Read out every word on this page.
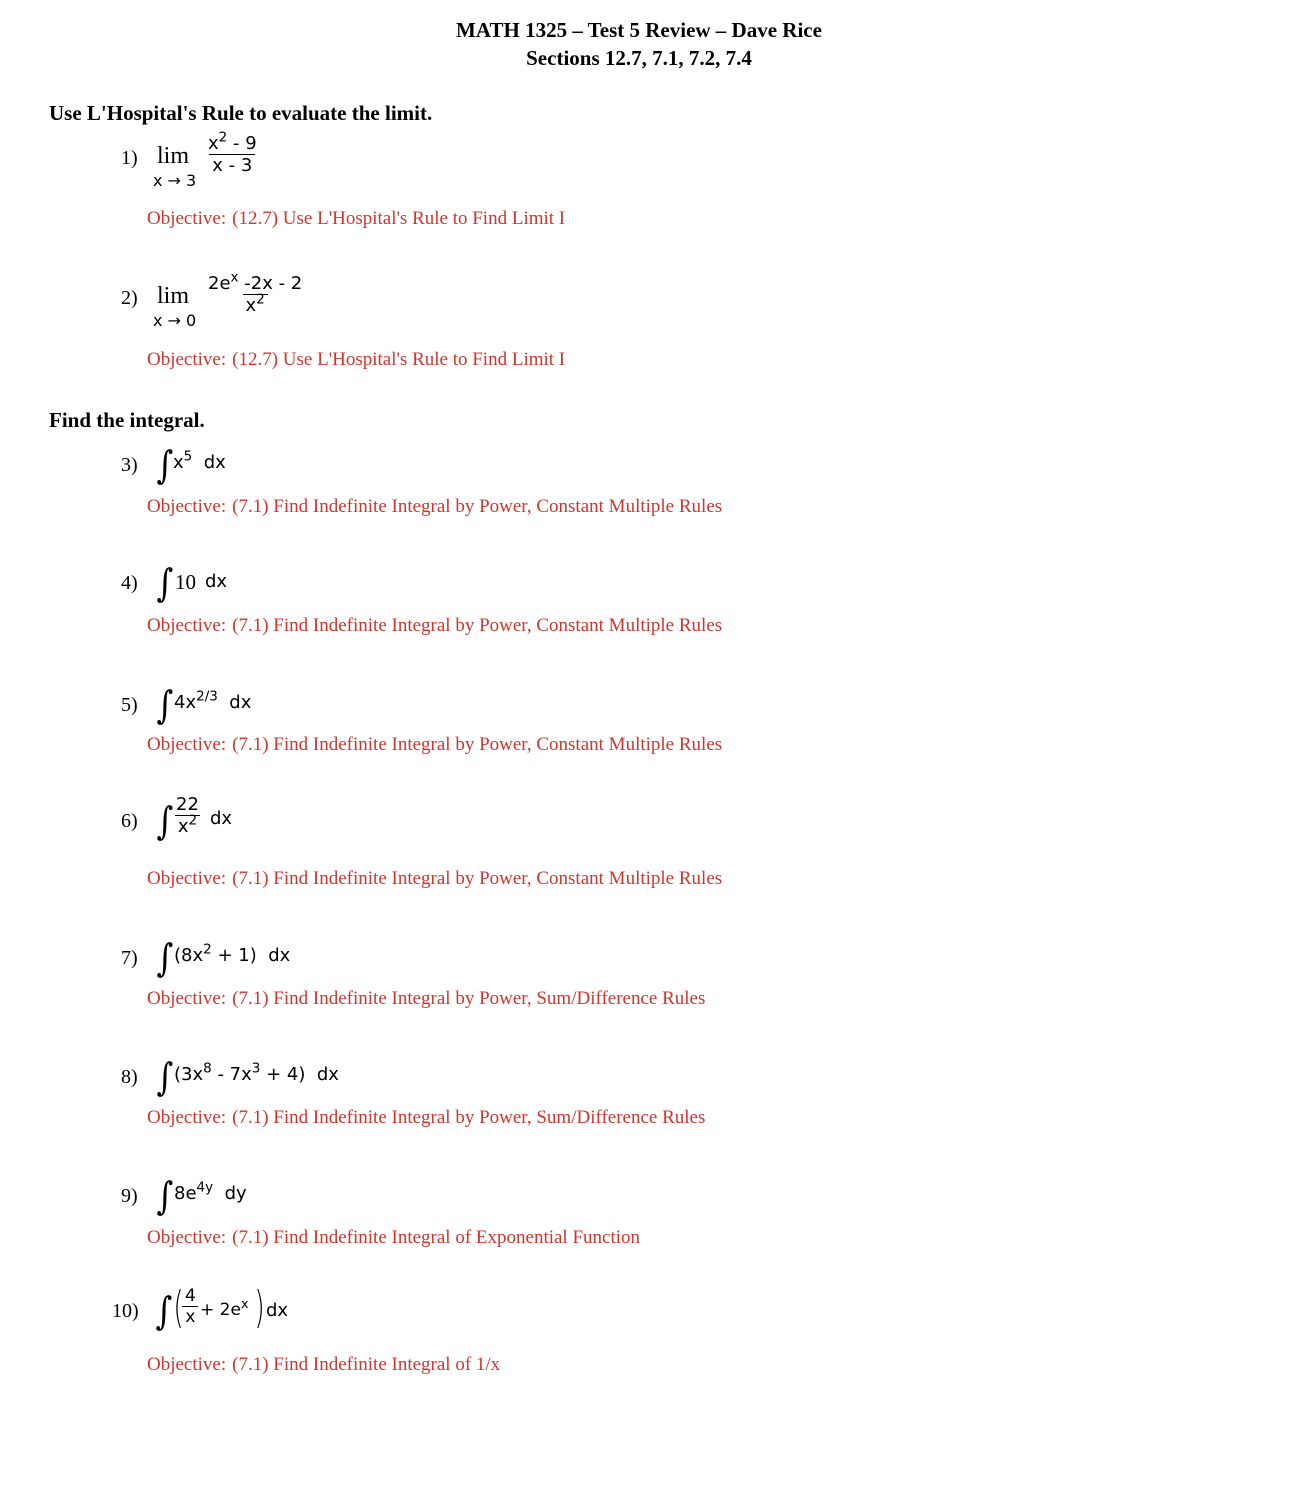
MATH 1325 – Test 5 Review – Dave Rice
Sections 12.7, 7.1, 7.2, 7.4
Use L'Hospital's Rule to evaluate the limit.
1) lim
x → 3
$\frac{x^2 - 9}{x - 3}$
Objective: (12.7) Use L'Hospital's Rule to Find Limit I
2) lim
x → 0
$\frac{2e^x -2x - 2}{x^2}$
Objective: (12.7) Use L'Hospital's Rule to Find Limit I
Find the integral.
3) ∫ $x^5$ dx
Objective: (7.1) Find Indefinite Integral by Power, Constant Multiple Rules
4) ∫ 10 dx
Objective: (7.1) Find Indefinite Integral by Power, Constant Multiple Rules
5) ∫ $4x^{2/3}$ dx
Objective: (7.1) Find Indefinite Integral by Power, Constant Multiple Rules
6) ∫ $\frac{22}{x^2}$ dx
Objective: (7.1) Find Indefinite Integral by Power, Constant Multiple Rules
7) ∫ $(8x^2 + 1)$ dx
Objective: (7.1) Find Indefinite Integral by Power, Sum/Difference Rules
8) ∫ $(3x^8 - 7x^3 + 4)$ dx
Objective: (7.1) Find Indefinite Integral by Power, Sum/Difference Rules
9) ∫ $8e^{4y}$ dy
Objective: (7.1) Find Indefinite Integral of Exponential Function
10) ∫ (
$\frac{4}{x} + 2e^x$ ) dx
Objective: (7.1) Find Indefinite Integral of 1/x
